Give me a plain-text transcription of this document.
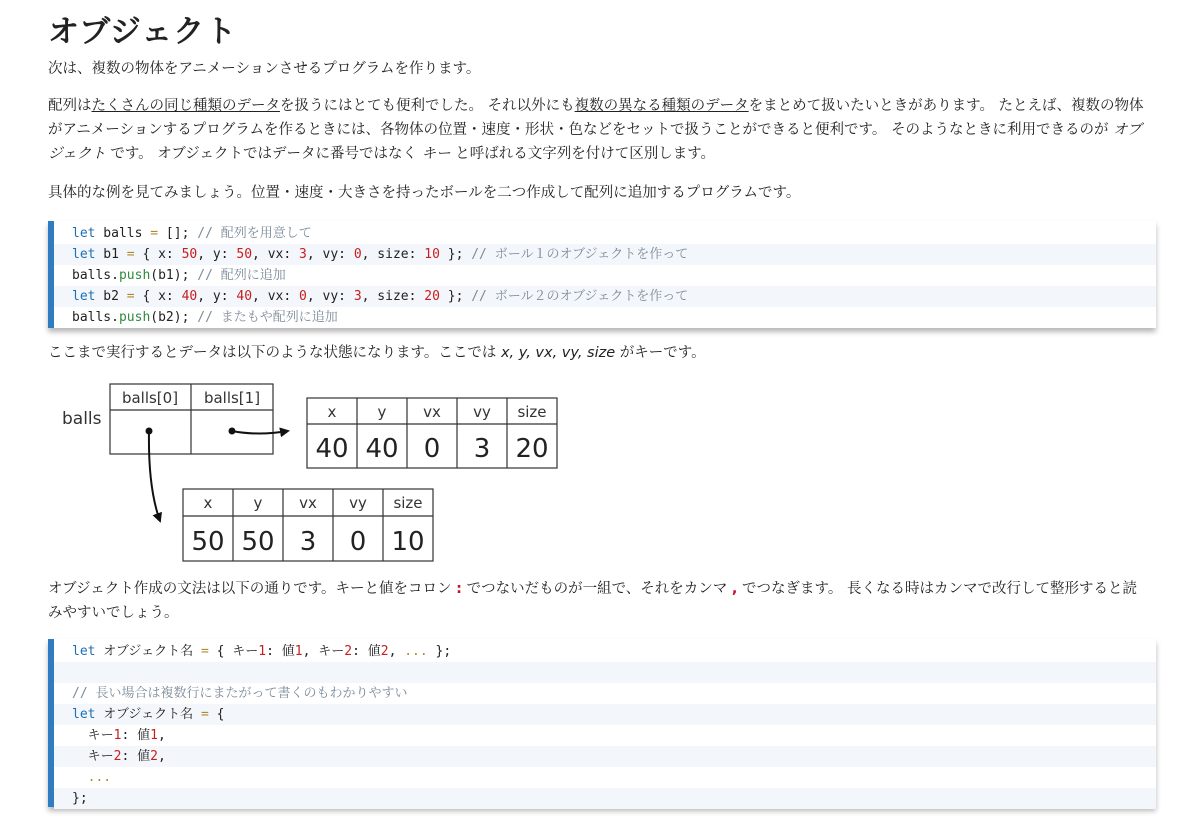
オブジェクト

次は、複数の物体をアニメーションさせるプログラムを作ります。

配列はたくさんの同じ種類のデータを扱うにはとても便利でした。 それ以外にも複数の異なる種類のデータをまとめて扱いたいときがあります。 たとえば、複数の物体がアニメーションするプログラムを作るときには、各物体の位置・速度・形状・色などをセットで扱うことができると便利です。 そのようなときに利用できるのが オブジェクト です。 オブジェクトではデータに番号ではなく キー と呼ばれる文字列を付けて区別します。

具体的な例を見てみましょう。位置・速度・大きさを持ったボールを二つ作成して配列に追加するプログラムです。

let balls = []; // 配列を用意して
let b1 = { x: 50, y: 50, vx: 3, vy: 0, size: 10 }; // ボール１のオブジェクトを作って
balls.push(b1); // 配列に追加
let b2 = { x: 40, y: 40, vx: 0, vy: 3, size: 20 }; // ボール２のオブジェクトを作って
balls.push(b2); // またもや配列に追加

ここまで実行するとデータは以下のような状態になります。ここでは x, y, vx, vy, size がキーです。

balls
balls[0] balls[1]
x	y vx vy size
40 40 0 3 20
x	y vx vy size
50 50 3 0 10

オブジェクト作成の文法は以下の通りです。キーと値をコロン : でつないだものが一組で、それをカンマ , でつなぎます。 長くなる時はカンマで改行して整形すると読みやすいでしょう。

let オブジェクト名 = { キー1: 値1, キー2: 値2, ... };

// 長い場合は複数行にまたがって書くのもわかりやすい
let オブジェクト名 = {
キー1: 値1,
キー2: 値2,
...
};
